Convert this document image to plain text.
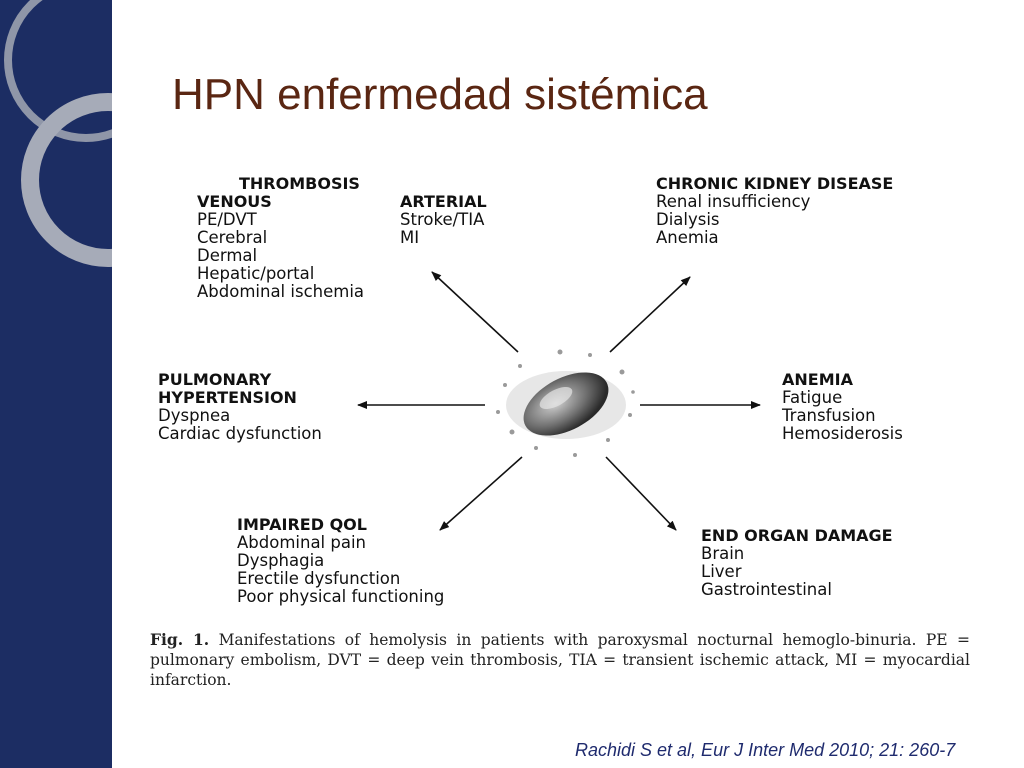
HPN enfermedad sistémica
THROMBOSIS
VENOUS
PE/DVT
Cerebral
Dermal
Hepatic/portal
Abdominal ischemia
ARTERIAL
Stroke/TIA
MI
CHRONIC KIDNEY DISEASE
Renal insufficiency
Dialysis
Anemia
PULMONARY
HYPERTENSION
Dyspnea
Cardiac dysfunction
ANEMIA
Fatigue
Transfusion
Hemosiderosis
IMPAIRED QOL
Abdominal pain
Dysphagia
Erectile dysfunction
Poor physical functioning
END ORGAN DAMAGE
Brain
Liver
Gastrointestinal
Fig. 1. Manifestations of hemolysis in patients with paroxysmal nocturnal hemoglo-binuria. PE = pulmonary embolism, DVT = deep vein thrombosis, TIA = transient ischemic attack, MI = myocardial infarction.
Rachidi S et al, Eur J Inter Med 2010; 21: 260-7
